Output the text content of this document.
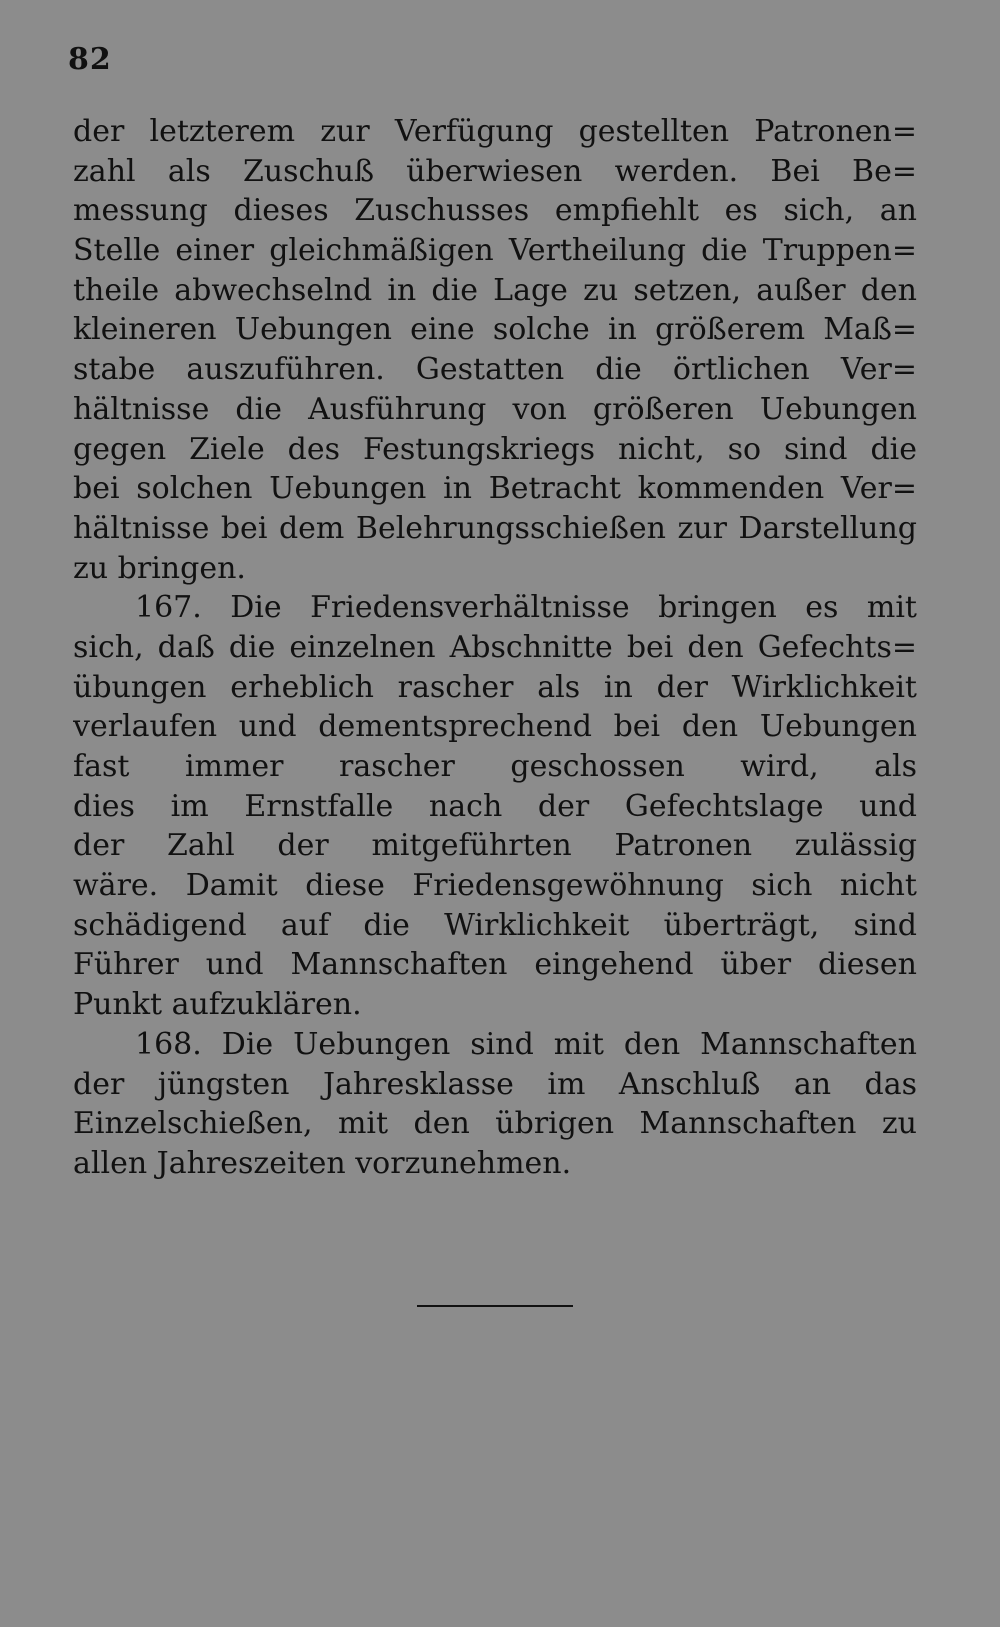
82
der letzterem zur Verfügung gestellten Patronen=
zahl als Zuschuß überwiesen werden. Bei Be=
messung dieses Zuschusses empfiehlt es sich, an
Stelle einer gleichmäßigen Vertheilung die Truppen=
theile abwechselnd in die Lage zu setzen, außer den
kleineren Uebungen eine solche in größerem Maß=
stabe auszuführen. Gestatten die örtlichen Ver=
hältnisse die Ausführung von größeren Uebungen
gegen Ziele des Festungskriegs nicht, so sind die
bei solchen Uebungen in Betracht kommenden Ver=
hältnisse bei dem Belehrungsschießen zur Darstellung
zu bringen.
167. Die Friedensverhältnisse bringen es mit
sich, daß die einzelnen Abschnitte bei den Gefechts=
übungen erheblich rascher als in der Wirklichkeit
verlaufen und dementsprechend bei den Uebungen
fast immer rascher geschossen wird, als
dies im Ernstfalle nach der Gefechtslage und
der Zahl der mitgeführten Patronen zulässig
wäre. Damit diese Friedensgewöhnung sich nicht
schädigend auf die Wirklichkeit überträgt, sind
Führer und Mannschaften eingehend über diesen
Punkt aufzuklären.
168. Die Uebungen sind mit den Mannschaften
der jüngsten Jahresklasse im Anschluß an das
Einzelschießen, mit den übrigen Mannschaften zu
allen Jahreszeiten vorzunehmen.
